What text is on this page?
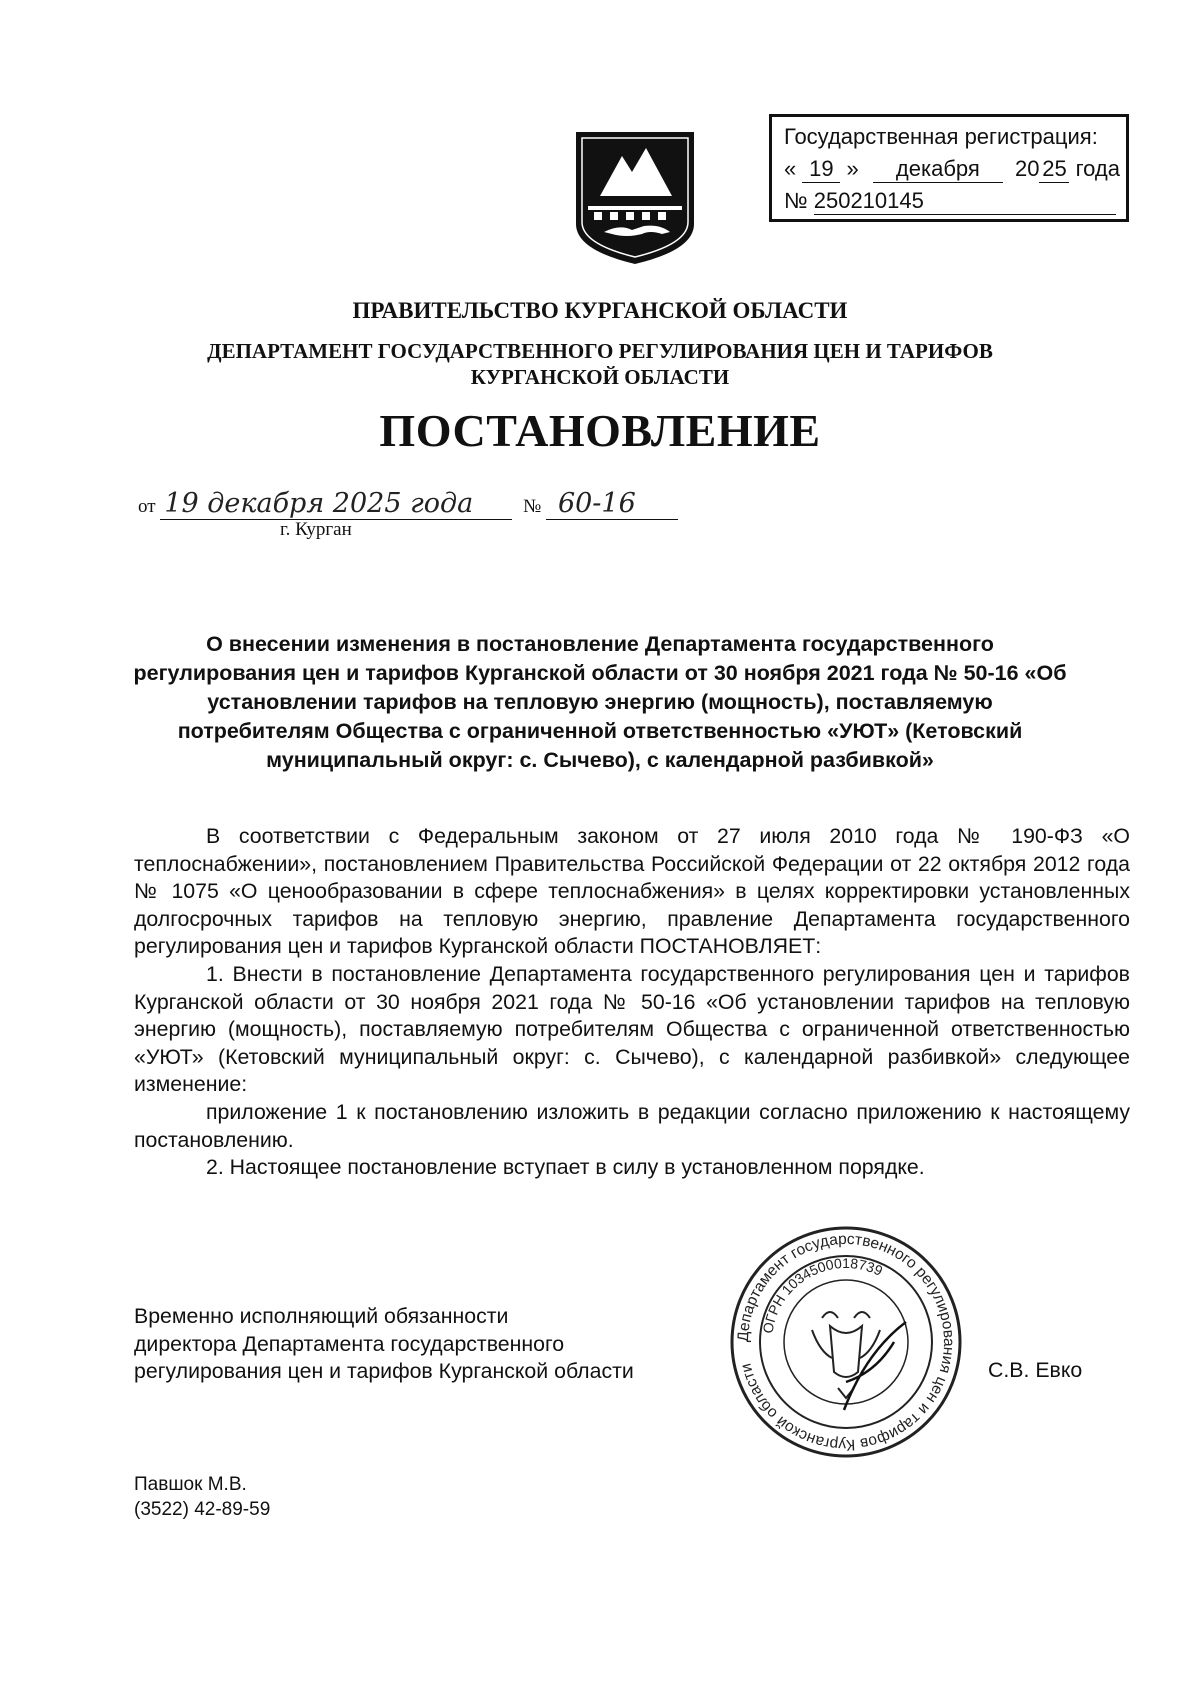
Государственная регистрация:
« 19 » декабря 20 25 года
№ 250210145
ПРАВИТЕЛЬСТВО КУРГАНСКОЙ ОБЛАСТИ
ДЕПАРТАМЕНТ ГОСУДАРСТВЕННОГО РЕГУЛИРОВАНИЯ ЦЕН И ТАРИФОВ
КУРГАНСКОЙ ОБЛАСТИ
ПОСТАНОВЛЕНИЕ
от 19 декабря 2025 года	№ 60-16
г. Курган
О внесении изменения в постановление Департамента государственного регулирования цен и тарифов Курганской области от 30 ноября 2021 года № 50-16 «Об установлении тарифов на тепловую энергию (мощность), поставляемую потребителям Общества с ограниченной ответственностью «УЮТ» (Кетовский муниципальный округ: с. Сычево), с календарной разбивкой»

В соответствии с Федеральным законом от 27 июля 2010 года № 190-ФЗ «О теплоснабжении», постановлением Правительства Российской Федерации от 22 октября 2012 года № 1075 «О ценообразовании в сфере теплоснабжения» в целях корректировки установленных долгосрочных тарифов на тепловую энергию, правление Департамента государственного регулирования цен и тарифов Курганской области ПОСТАНОВЛЯЕТ:

1. Внести в постановление Департамента государственного регулирования цен и тарифов Курганской области от 30 ноября 2021 года № 50-16 «Об установлении тарифов на тепловую энергию (мощность), поставляемую потребителям Общества с ограниченной ответственностью «УЮТ» (Кетовский муниципальный округ: с. Сычево), с календарной разбивкой» следующее изменение:

приложение 1 к постановлению изложить в редакции согласно приложению к настоящему постановлению.

2. Настоящее постановление вступает в силу в установленном порядке.

Временно исполняющий обязанности
директора Департамента государственного
регулирования цен и тарифов Курганской области
Департамент государственного регулирования цен и тарифов Курганской области
ОГРН 1034500018739
С.В. Евко
Павшок М.В.
(3522) 42-89-59
